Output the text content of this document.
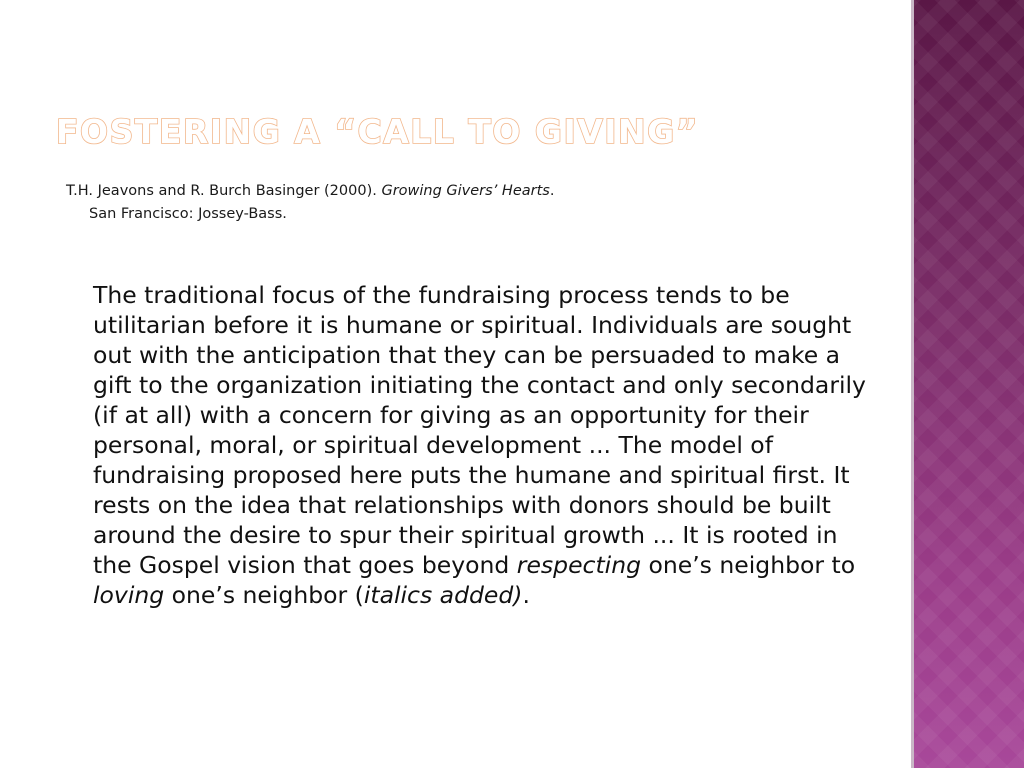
FOSTERING A “CALL TO GIVING”
T.H. Jeavons and R. Burch Basinger (2000). Growing Givers’ Hearts.
San Francisco: Jossey-Bass.

The traditional focus of the fundraising process tends to be utilitarian before it is humane or spiritual. Individuals are sought out with the anticipation that they can be persuaded to make a gift to the organization initiating the contact and only secondarily (if at all) with a concern for giving as an opportunity for their personal, moral, or spiritual development ... The model of fundraising proposed here puts the humane and spiritual first. It rests on the idea that relationships with donors should be built around the desire to spur their spiritual growth ... It is rooted in the Gospel vision that goes beyond respecting one’s neighbor to loving one’s neighbor (italics added).
